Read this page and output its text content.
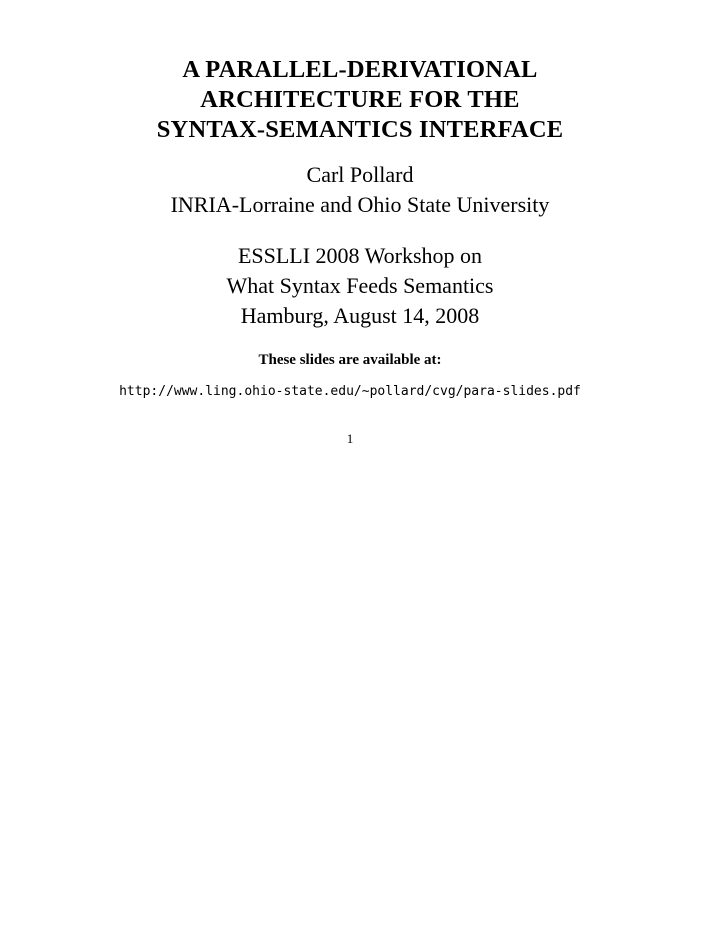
A PARALLEL-DERIVATIONAL
ARCHITECTURE FOR THE
SYNTAX-SEMANTICS INTERFACE
Carl Pollard
INRIA-Lorraine and Ohio State University
ESSLLI 2008 Workshop on
What Syntax Feeds Semantics
Hamburg, August 14, 2008
These slides are available at:
http://www.ling.ohio-state.edu/∼pollard/cvg/para-slides.pdf
1
